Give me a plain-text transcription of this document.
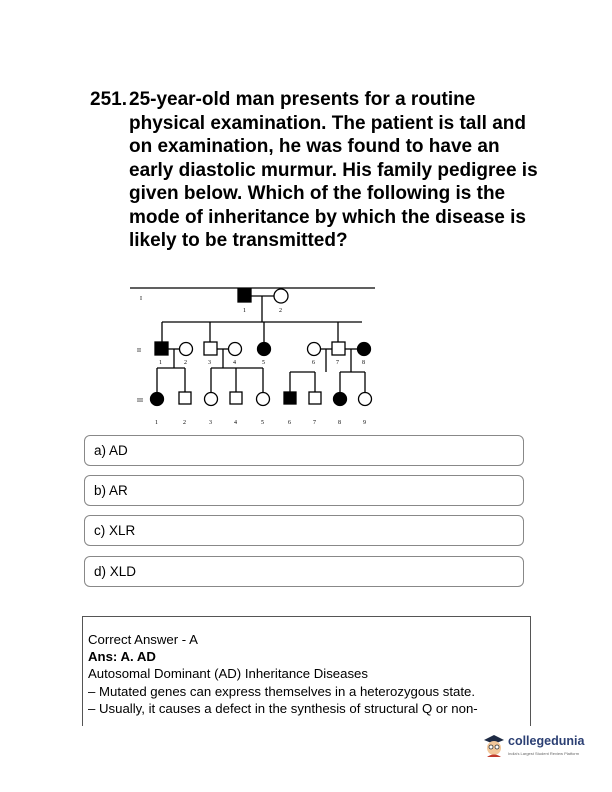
251. 25-year-old man presents for a routine physical examination. The patient is tall and on examination, he was found to have an early diastolic murmur. His family pedigree is given below. Which of the following is the mode of inheritance by which the disease is likely to be transmitted?
I
II
III
1	2
1	2	3	4	5	6	7	8
1	2	3	4	5	6	7	8	9
a) AD
b) AR
c) XLR
d) XLD
Correct Answer - A
Ans: A. AD
Autosomal Dominant (AD) Inheritance Diseases
– Mutated genes can express themselves in a heterozygous state.
– Usually, it causes a defect in the synthesis of structural Q or non-
collegedunia
India's Largest Student Review Platform
